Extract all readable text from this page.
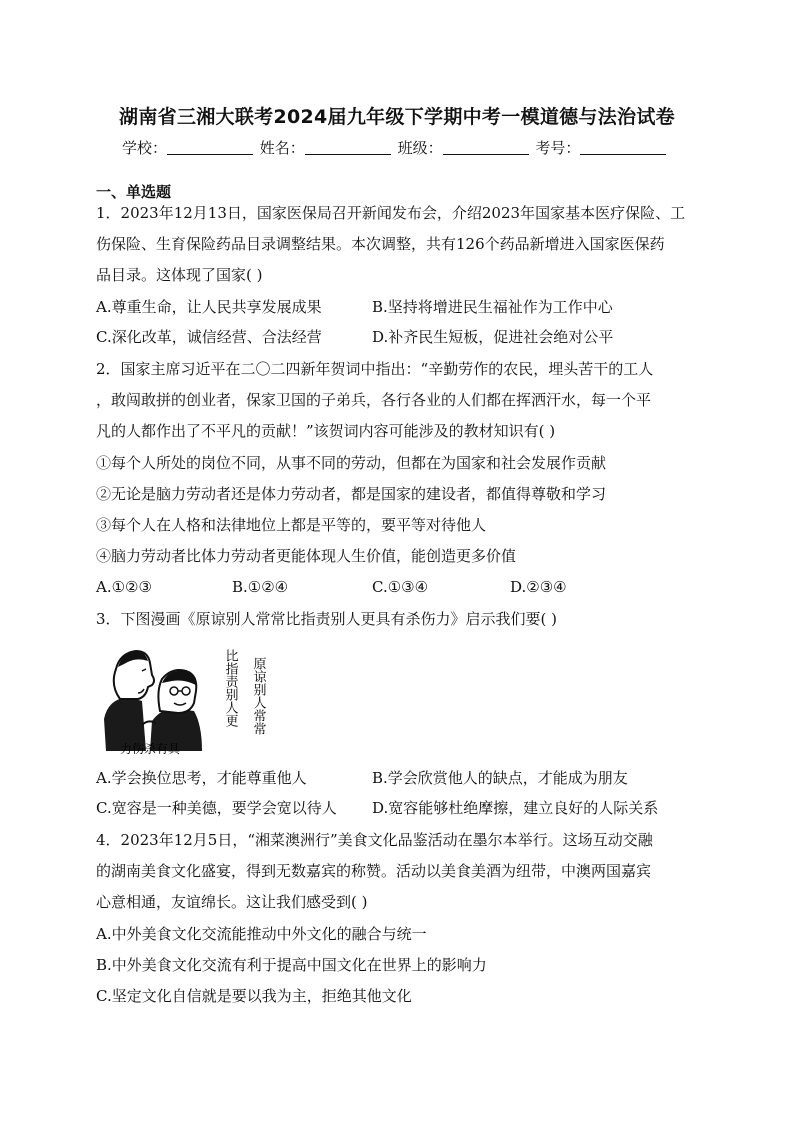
湖南省三湘大联考2024届九年级下学期中考一模道德与法治试卷
学校：	姓名：	班级：	考号：
一、单选题
1．2023年12月13日，国家医保局召开新闻发布会，介绍2023年国家基本医疗保险、工
伤保险、生育保险药品目录调整结果。本次调整，共有126个药品新增进入国家医保药
品目录。这体现了国家( )
A.尊重生命，让人民共享发展成果	B.坚持将增进民生福祉作为工作中心
C.深化改革，诚信经营、合法经营	D.补齐民生短板，促进社会绝对公平
2．国家主席习近平在二〇二四新年贺词中指出：“辛勤劳作的农民，埋头苦干的工人
，敢闯敢拼的创业者，保家卫国的子弟兵，各行各业的人们都在挥洒汗水，每一个平
凡的人都作出了不平凡的贡献！”该贺词内容可能涉及的教材知识有( )
①每个人所处的岗位不同，从事不同的劳动，但都在为国家和社会发展作贡献
②无论是脑力劳动者还是体力劳动者，都是国家的建设者，都值得尊敬和学习
③每个人在人格和法律地位上都是平等的，要平等对待他人
④脑力劳动者比体力劳动者更能体现人生价值，能创造更多价值
A.①②③	B.①②④	C.①③④	D.②③④
3．下图漫画《原谅别人常常比指责别人更具有杀伤力》启示我们要( )
原谅别人常常
比指责别人更
力伤杀有具
A.学会换位思考，才能尊重他人	B.学会欣赏他人的缺点，才能成为朋友
C.宽容是一种美德，要学会宽以待人 D.宽容能够杜绝摩擦，建立良好的人际关系
4．2023年12月5日，“湘菜澳洲行”美食文化品鉴活动在墨尔本举行。这场互动交融
的湖南美食文化盛宴，得到无数嘉宾的称赞。活动以美食美酒为纽带，中澳两国嘉宾
心意相通，友谊绵长。这让我们感受到( )
A.中外美食文化交流能推动中外文化的融合与统一
B.中外美食文化交流有利于提高中国文化在世界上的影响力
C.坚定文化自信就是要以我为主，拒绝其他文化
